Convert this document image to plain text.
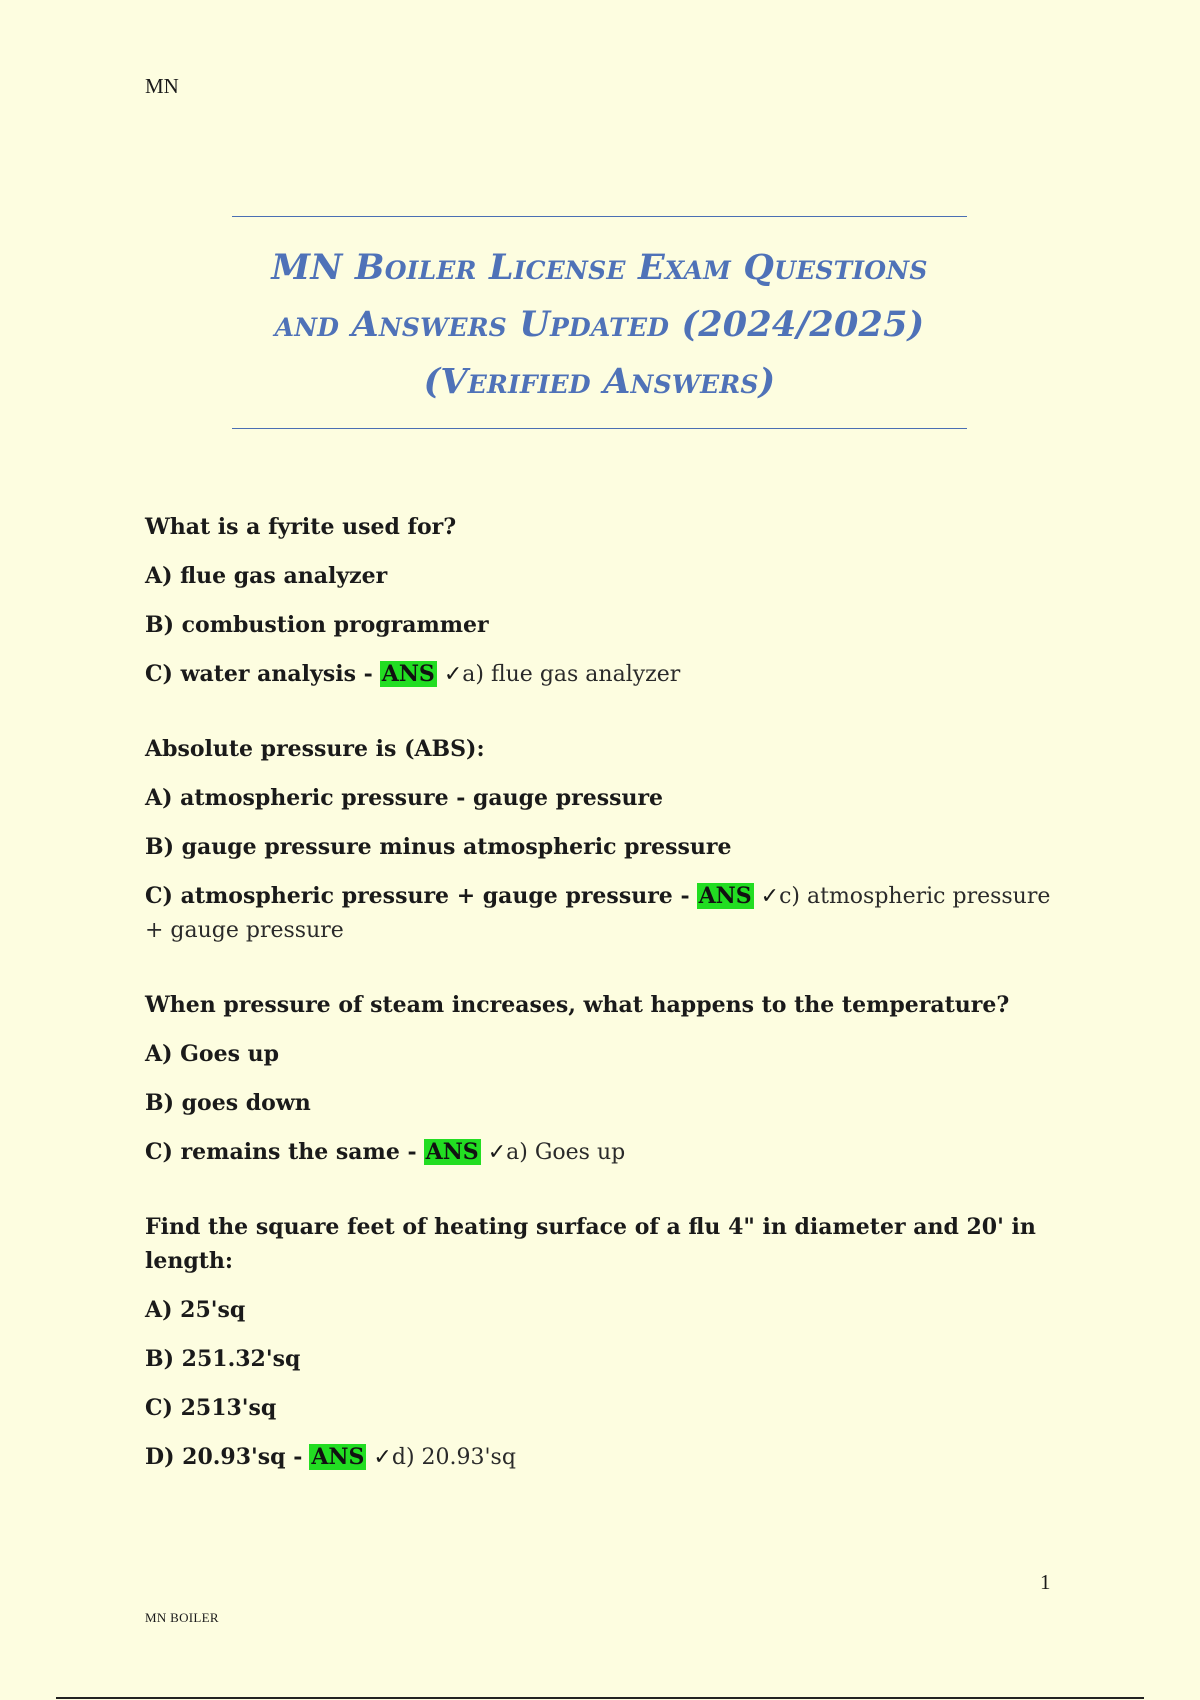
MN
MN Boiler License Exam Questions
and Answers Updated (2024/2025)
(Verified Answers)
What is a fyrite used for?
A) flue gas analyzer
B) combustion programmer
C) water analysis - ANS ✓a) flue gas analyzer
Absolute pressure is (ABS):
A) atmospheric pressure - gauge pressure
B) gauge pressure minus atmospheric pressure
C) atmospheric pressure + gauge pressure - ANS ✓c) atmospheric pressure + gauge pressure
When pressure of steam increases, what happens to the temperature?
A) Goes up
B) goes down
C) remains the same - ANS ✓a) Goes up
Find the square feet of heating surface of a flu 4" in diameter and 20' in length:
A) 25'sq
B) 251.32'sq
C) 2513'sq
D) 20.93'sq - ANS ✓d) 20.93'sq
1
MN BOILER
